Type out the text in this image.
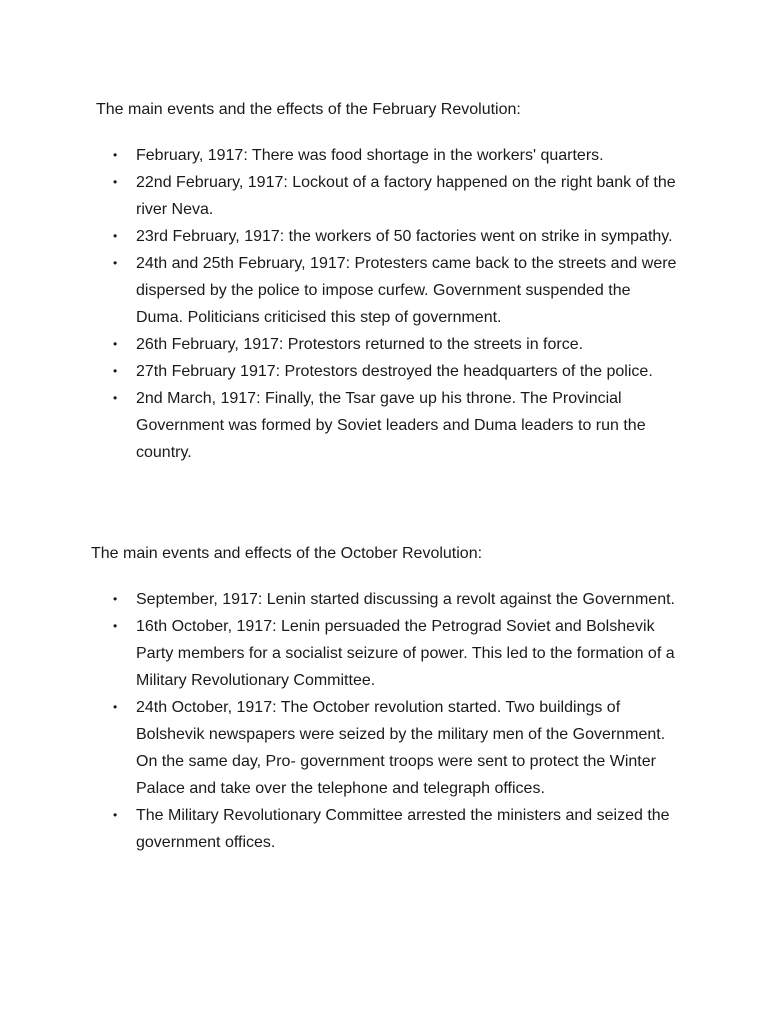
The main events and the effects of the February Revolution:

• February, 1917: There was food shortage in the workers' quarters.
• 22nd February, 1917: Lockout of a factory happened on the right bank of the river Neva.
• 23rd February, 1917: the workers of 50 factories went on strike in sympathy.
• 24th and 25th February, 1917: Protesters came back to the streets and were dispersed by the police to impose curfew. Government suspended the Duma. Politicians criticised this step of government.
• 26th February, 1917: Protestors returned to the streets in force.
• 27th February 1917: Protestors destroyed the headquarters of the police.
• 2nd March, 1917: Finally, the Tsar gave up his throne. The Provincial Government was formed by Soviet leaders and Duma leaders to run the country.

The main events and effects of the October Revolution:

• September, 1917: Lenin started discussing a revolt against the Government.
• 16th October, 1917: Lenin persuaded the Petrograd Soviet and Bolshevik Party members for a socialist seizure of power. This led to the formation of a Military Revolutionary Committee.
• 24th October, 1917: The October revolution started. Two buildings of Bolshevik newspapers were seized by the military men of the Government. On the same day, Pro- government troops were sent to protect the Winter Palace and take over the telephone and telegraph offices.
• The Military Revolutionary Committee arrested the ministers and seized the government offices.
